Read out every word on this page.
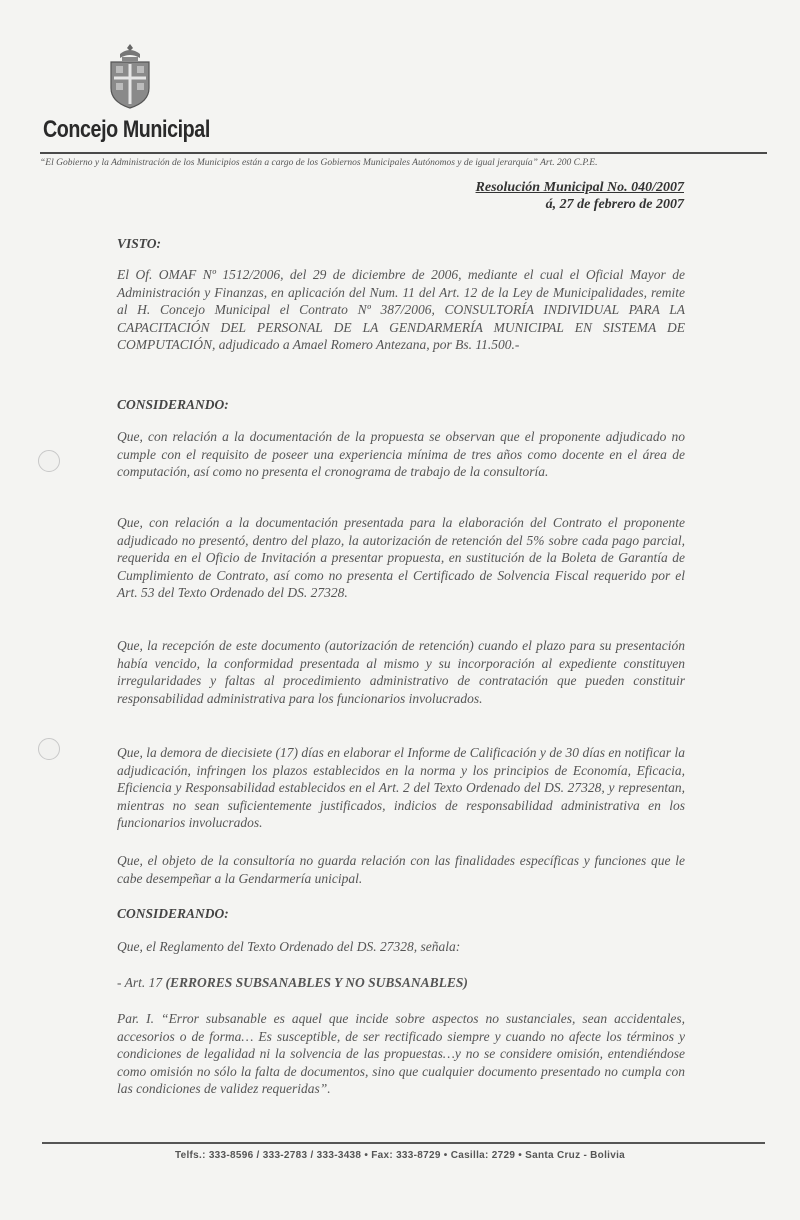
Concejo Municipal
“El Gobierno y la Administración de los Municipios están a cargo de los Gobiernos Municipales Autónomos y de igual jerarquía” Art. 200 C.P.E.
Resolución Municipal No. 040/2007
á, 27 de febrero de 2007
VISTO:
El Of. OMAF Nº 1512/2006, del 29 de diciembre de 2006, mediante el cual el Oficial Mayor de Administración y Finanzas, en aplicación del Num. 11 del Art. 12 de la Ley de Municipalidades, remite al H. Concejo Municipal el Contrato Nº 387/2006, CONSULTORÍA INDIVIDUAL PARA LA CAPACITACIÓN DEL PERSONAL DE LA GENDARMERÍA MUNICIPAL EN SISTEMA DE COMPUTACIÓN, adjudicado a Amael Romero Antezana, por Bs. 11.500.-
CONSIDERANDO:
Que, con relación a la documentación de la propuesta se observan que el proponente adjudicado no cumple con el requisito de poseer una experiencia mínima de tres años como docente en el área de computación, así como no presenta el cronograma de trabajo de la consultoría.
Que, con relación a la documentación presentada para la elaboración del Contrato el proponente adjudicado no presentó, dentro del plazo, la autorización de retención del 5% sobre cada pago parcial, requerida en el Oficio de Invitación a presentar propuesta, en sustitución de la Boleta de Garantía de Cumplimiento de Contrato, así como no presenta el Certificado de Solvencia Fiscal requerido por el Art. 53 del Texto Ordenado del DS. 27328.
Que, la recepción de este documento (autorización de retención) cuando el plazo para su presentación había vencido, la conformidad presentada al mismo y su incorporación al expediente constituyen irregularidades y faltas al procedimiento administrativo de contratación que pueden constituir responsabilidad administrativa para los funcionarios involucrados.
Que, la demora de diecisiete (17) días en elaborar el Informe de Calificación y de 30 días en notificar la adjudicación, infringen los plazos establecidos en la norma y los principios de Economía, Eficacia, Eficiencia y Responsabilidad establecidos en el Art. 2 del Texto Ordenado del DS. 27328, y representan, mientras no sean suficientemente justificados, indicios de responsabilidad administrativa en los funcionarios involucrados.
Que, el objeto de la consultoría no guarda relación con las finalidades específicas y funciones que le cabe desempeñar a la Gendarmería unicipal.
CONSIDERANDO:
Que, el Reglamento del Texto Ordenado del DS. 27328, señala:
- Art. 17 (ERRORES SUBSANABLES Y NO SUBSANABLES)
Par. I. “Error subsanable es aquel que incide sobre aspectos no sustanciales, sean accidentales, accesorios o de forma… Es susceptible, de ser rectificado siempre y cuando no afecte los términos y condiciones de legalidad ni la solvencia de las propuestas…y no se considere omisión, entendiéndose como omisión no sólo la falta de documentos, sino que cualquier documento presentado no cumpla con las condiciones de validez requeridas”.
Telfs.: 333-8596 / 333-2783 / 333-3438 • Fax: 333-8729 • Casilla: 2729 • Santa Cruz - Bolivia
